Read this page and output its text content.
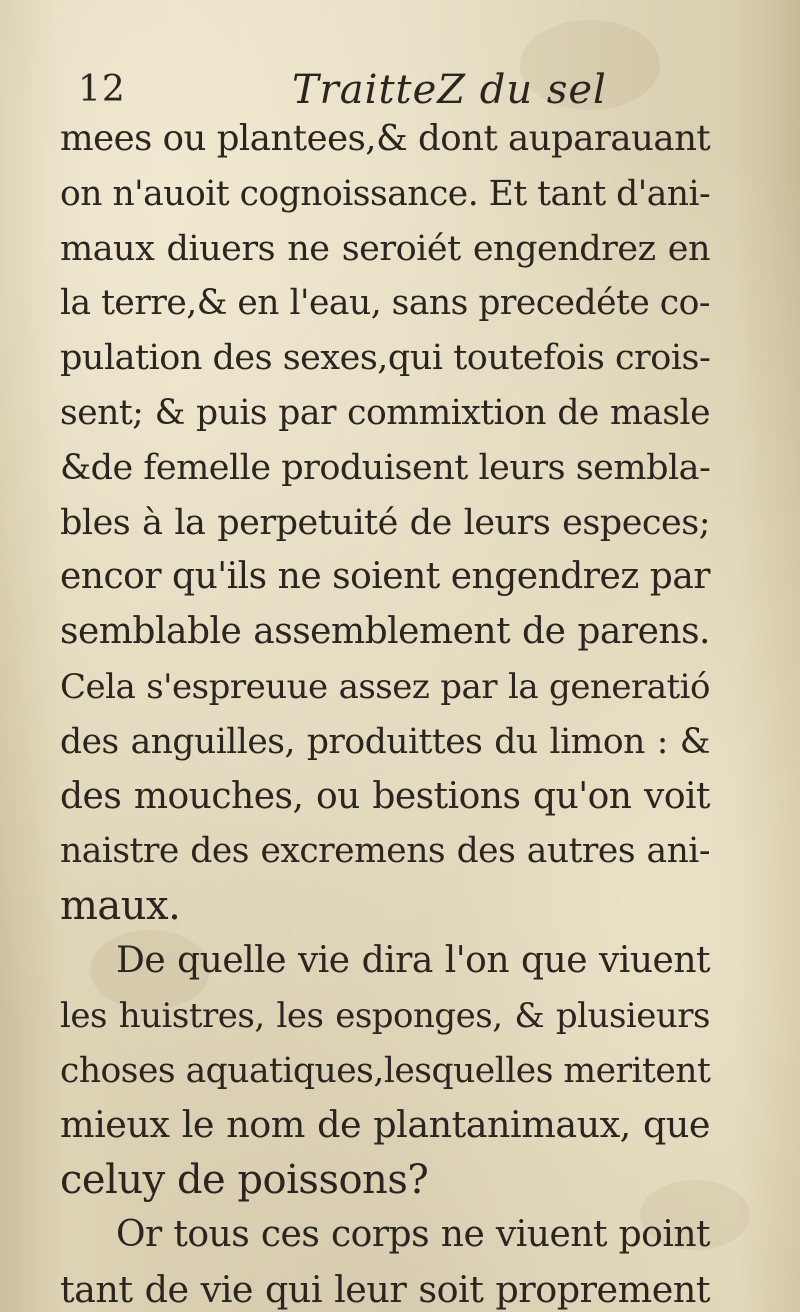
12	TraitteZ du sel
mees ou plantees,& dont auparauant
on n'auoit cognoissance. Et tant d'ani-
maux diuers ne seroiét engendrez en
la terre,& en l'eau, sans precedéte co-
pulation des sexes,qui toutefois crois-
sent; & puis par commixtion de masle
&de femelle produisent leurs sembla-
bles à la perpetuité de leurs especes;
encor qu'ils ne soient engendrez par
semblable assemblement de parens.
Cela s'espreuue assez par la generatió
des anguilles, produittes du limon : &
des mouches, ou bestions qu'on voit
naistre des excremens des autres ani-
maux.
De quelle vie dira l'on que viuent
les huistres, les esponges, & plusieurs
choses aquatiques,lesquelles meritent
mieux le nom de plantanimaux, que
celuy de poissons?
Or tous ces corps ne viuent point
tant de vie qui leur soit proprement
